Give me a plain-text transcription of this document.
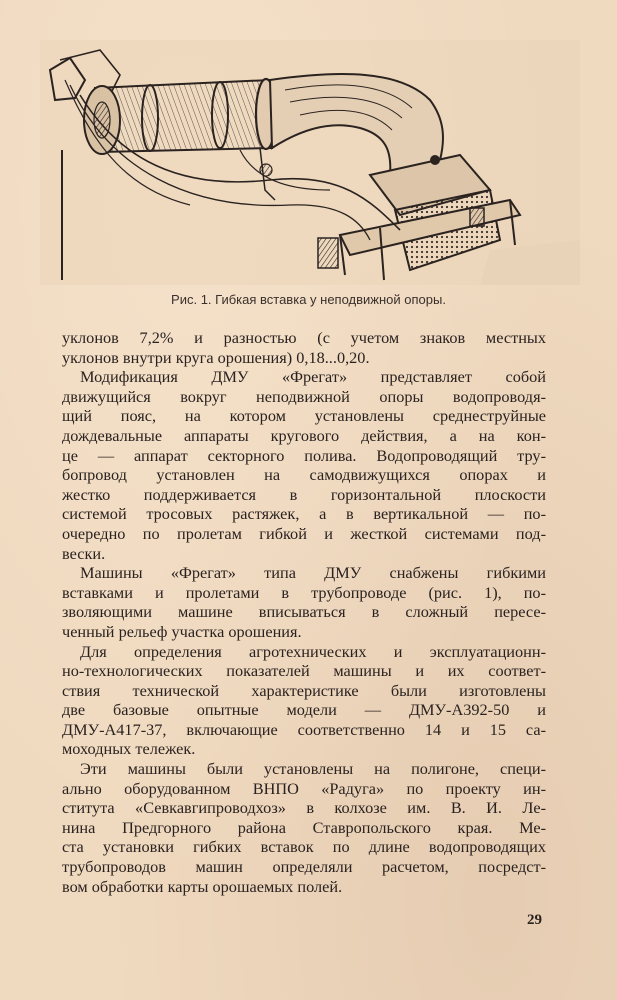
Рис. 1. Гибкая вставка у неподвижной опоры.
уклонов 7,2% и разностью (с учетом знаков местных
уклонов внутри круга орошения) 0,18...0,20.
Модификация ДМУ «Фрегат» представляет собой
движущийся вокруг неподвижной опоры водопроводя-
щий пояс, на котором установлены среднеструйные
дождевальные аппараты кругового действия, а на кон-
це — аппарат секторного полива. Водопроводящий тру-
бопровод установлен на самодвижущихся опорах и
жестко поддерживается в горизонтальной плоскости
системой тросовых растяжек, а в вертикальной — по-
очередно по пролетам гибкой и жесткой системами под-
вески.
Машины «Фрегат» типа ДМУ снабжены гибкими
вставками и пролетами в трубопроводе (рис. 1), по-
зволяющими машине вписываться в сложный пересе-
ченный рельеф участка орошения.
Для определения агротехнических и эксплуатационн-
но-технологических показателей машины и их соответ-
ствия технической характеристике были изготовлены
две базовые опытные модели — ДМУ-А392-50 и
ДМУ-А417-37, включающие соответственно 14 и 15 са-
моходных тележек.
Эти машины были установлены на полигоне, специ-
ально оборудованном ВНПО «Радуга» по проекту ин-
ститута «Севкавгипроводхоз» в колхозе им. В. И. Ле-
нина Предгорного района Ставропольского края. Ме-
ста установки гибких вставок по длине водопроводящих
трубопроводов машин определяли расчетом, посредст-
вом обработки карты орошаемых полей.
29
